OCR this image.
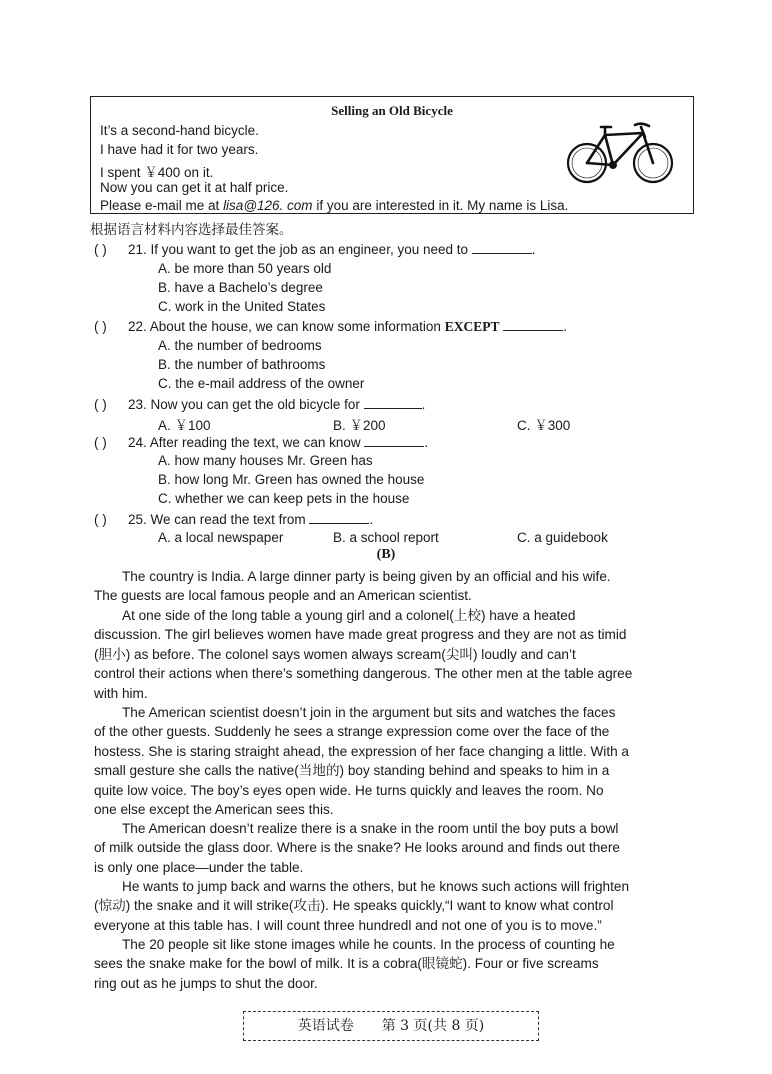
Selling an Old Bicycle
It’s a second-hand bicycle.
I have had it for two years.
I spent ￥400 on it.
Now you can get it at half price.
Please e-mail me at lisa@126. com if you are interested in it. My name is Lisa.
根据语言材料内容选择最佳答案。
( ) 21. If you want to get the job as an engineer, you need to	.
A. be more than 50 years old
B. have a Bachelo’s degree
C. work in the United States
( ) 22. About the house, we can know some information EXCEPT	.
A. the number of bedrooms
B. the number of bathrooms
C. the e-mail address of the owner
( ) 23. Now you can get the old bicycle for	.
A. ￥100	B. ￥200	C. ￥300
( ) 24. After reading the text, we can know	.
A. how many houses Mr. Green has
B. how long Mr. Green has owned the house
C. whether we can keep pets in the house
( ) 25. We can read the text from	.
A. a local newspaper	B. a school report	C. a guidebook
(B)
The country is India. A large dinner party is being given by an official and his wife.
The guests are local famous people and an American scientist.
At one side of the long table a young girl and a colonel(上校) have a heated
discussion. The girl believes women have made great progress and they are not as timid
(胆小) as before. The colonel says women always scream(尖叫) loudly and can’t
control their actions when there’s something dangerous. The other men at the table agree
with him.
The American scientist doesn’t join in the argument but sits and watches the faces
of the other guests. Suddenly he sees a strange expression come over the face of the
hostess. She is staring straight ahead, the expression of her face changing a little. With a
small gesture she calls the native(当地的) boy standing behind and speaks to him in a
quite low voice. The boy’s eyes open wide. He turns quickly and leaves the room. No
one else except the American sees this.
The American doesn’t realize there is a snake in the room until the boy puts a bowl
of milk outside the glass door. Where is the snake? He looks around and finds out there
is only one place—under the table.
He wants to jump back and warns the others, but he knows such actions will frighten
(惊动) the snake and it will strike(攻击). He speaks quickly,“I want to know what control
everyone at this table has. I will count three hundredl and not one of you is to move.”
The 20 people sit like stone images while he counts. In the process of counting he
sees the snake make for the bowl of milk. It is a cobra(眼镜蛇). Four or five screams
ring out as he jumps to shut the door.
英语试卷 第 3 页(共 8 页)
